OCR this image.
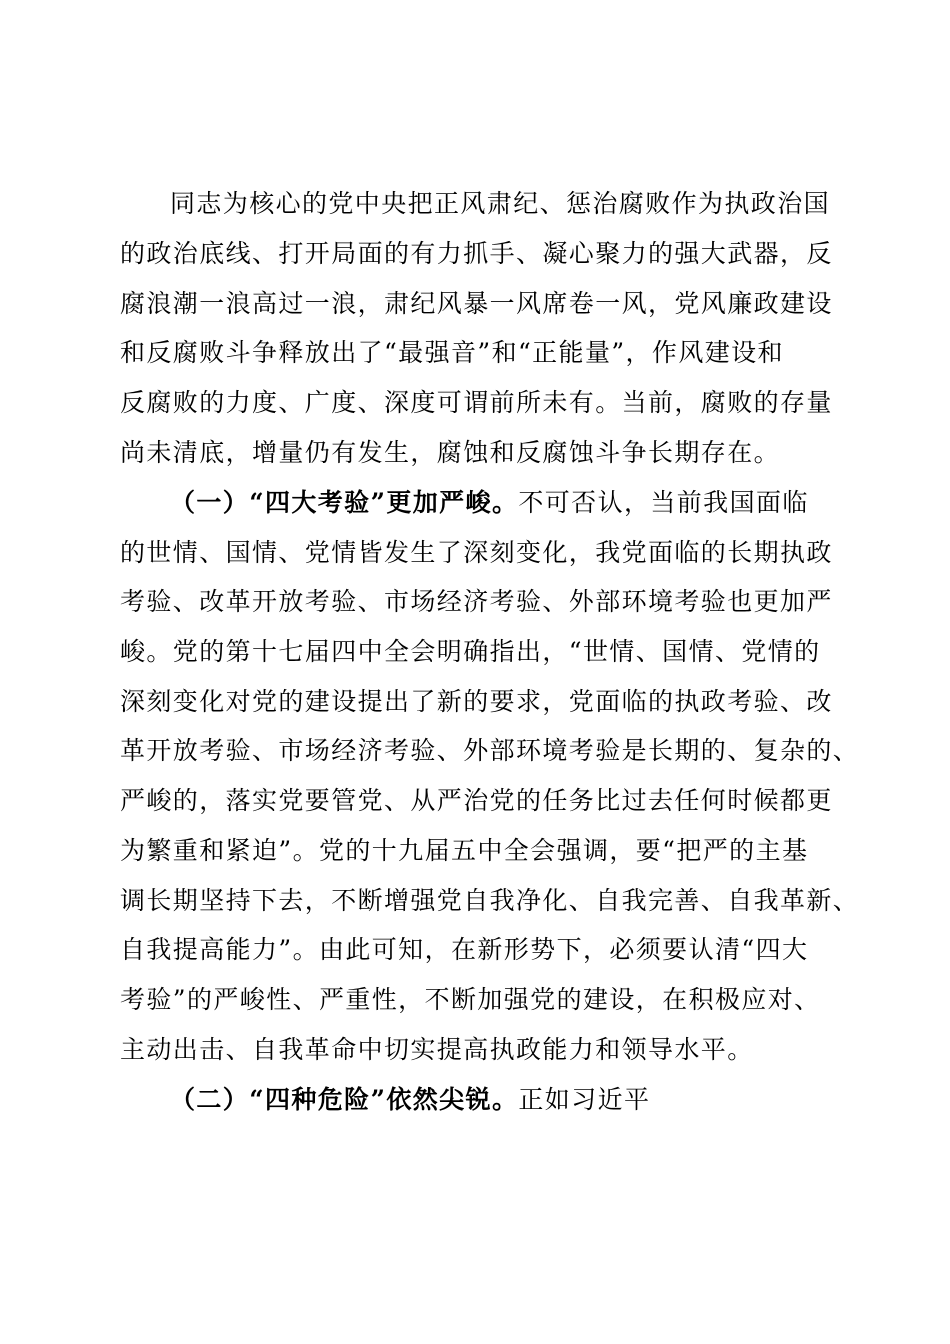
同志为核心的党中央把正风肃纪、惩治腐败作为执政治国
的政治底线、打开局面的有力抓手、凝心聚力的强大武器，反
腐浪潮一浪高过一浪，肃纪风暴一风席卷一风，党风廉政建设
和反腐败斗争释放出了“最强音”和“正能量”，作风建设和
反腐败的力度、广度、深度可谓前所未有。当前，腐败的存量
尚未清底，增量仍有发生，腐蚀和反腐蚀斗争长期存在。
（一）“四大考验”更加严峻。不可否认，当前我国面临
的世情、国情、党情皆发生了深刻变化，我党面临的长期执政
考验、改革开放考验、市场经济考验、外部环境考验也更加严
峻。党的第十七届四中全会明确指出，“世情、国情、党情的
深刻变化对党的建设提出了新的要求，党面临的执政考验、改
革开放考验、市场经济考验、外部环境考验是长期的、复杂的、
严峻的，落实党要管党、从严治党的任务比过去任何时候都更
为繁重和紧迫”。党的十九届五中全会强调，要“把严的主基
调长期坚持下去，不断增强党自我净化、自我完善、自我革新、
自我提高能力”。由此可知，在新形势下，必须要认清“四大
考验”的严峻性、严重性，不断加强党的建设，在积极应对、
主动出击、自我革命中切实提高执政能力和领导水平。
（二）“四种危险”依然尖锐。正如习近平
